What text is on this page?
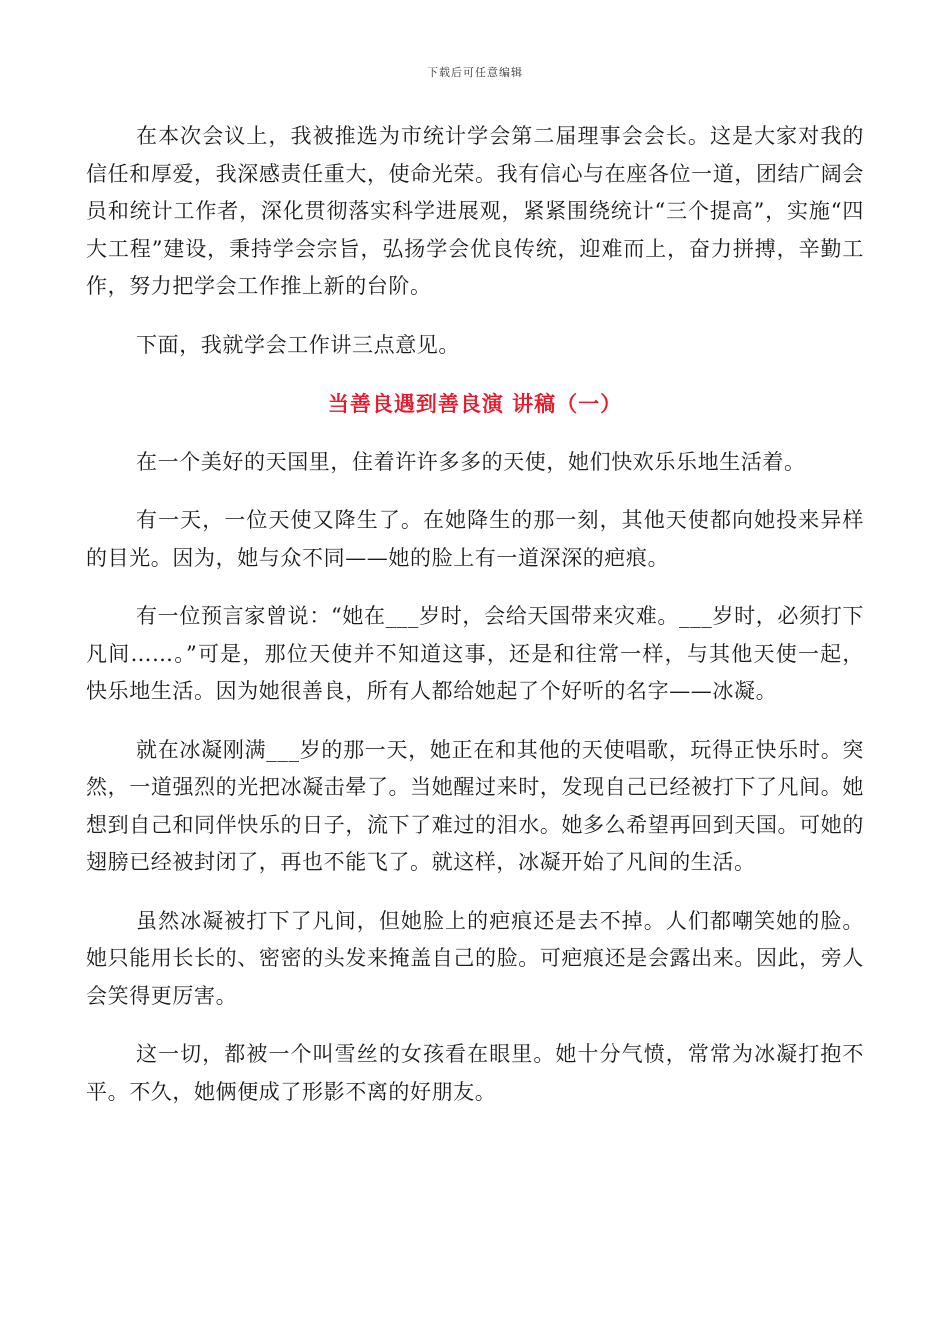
下载后可任意编辑

在本次会议上，我被推选为市统计学会第二届理事会会长。这是大家对我的信任和厚爱，我深感责任重大，使命光荣。我有信心与在座各位一道，团结广阔会员和统计工作者，深化贯彻落实科学进展观，紧紧围绕统计“三个提高”，实施“四大工程”建设，秉持学会宗旨，弘扬学会优良传统，迎难而上，奋力拼搏，辛勤工作，努力把学会工作推上新的台阶。

下面，我就学会工作讲三点意见。

当善良遇到善良演 讲稿（一）

在一个美好的天国里，住着许许多多的天使，她们快欢乐乐地生活着。

有一天，一位天使又降生了。在她降生的那一刻，其他天使都向她投来异样的目光。因为，她与众不同——她的脸上有一道深深的疤痕。

有一位预言家曾说：“她在___岁时，会给天国带来灾难。___岁时，必须打下凡间……。”可是，那位天使并不知道这事，还是和往常一样，与其他天使一起，快乐地生活。因为她很善良，所有人都给她起了个好听的名字——冰凝。

就在冰凝刚满___岁的那一天，她正在和其他的天使唱歌，玩得正快乐时。突然，一道强烈的光把冰凝击晕了。当她醒过来时，发现自己已经被打下了凡间。她想到自己和同伴快乐的日子，流下了难过的泪水。她多么希望再回到天国。可她的翅膀已经被封闭了，再也不能飞了。就这样，冰凝开始了凡间的生活。

虽然冰凝被打下了凡间，但她脸上的疤痕还是去不掉。人们都嘲笑她的脸。她只能用长长的、密密的头发来掩盖自己的脸。可疤痕还是会露出来。因此，旁人会笑得更厉害。

这一切，都被一个叫雪丝的女孩看在眼里。她十分气愤，常常为冰凝打抱不平。不久，她俩便成了形影不离的好朋友。
